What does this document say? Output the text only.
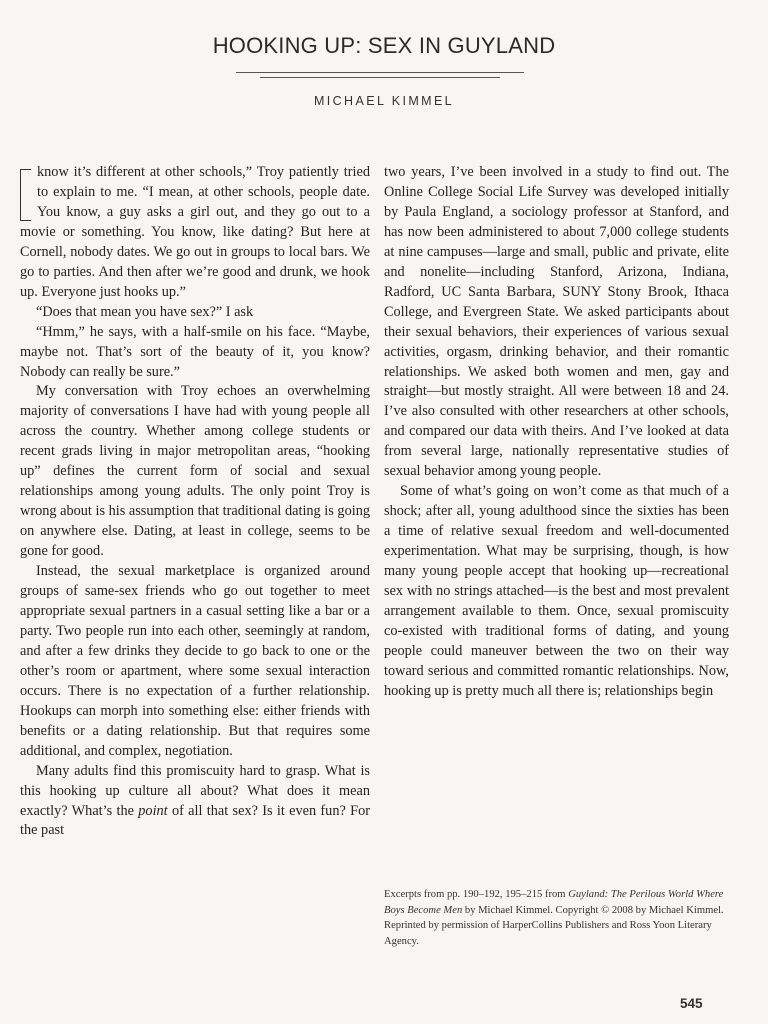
HOOKING UP: SEX IN GUYLAND
MICHAEL KIMMEL

know it’s different at other schools,” Troy patiently tried to explain to me. “I mean, at other schools, people date. You know, a guy asks a girl out, and they go out to a movie or something. You know, like dating? But here at Cornell, nobody dates. We go out in groups to local bars. We go to parties. And then after we’re good and drunk, we hook up. Everyone just hooks up.”

“Does that mean you have sex?” I ask

“Hmm,” he says, with a half-smile on his face. “Maybe, maybe not. That’s sort of the beauty of it, you know? Nobody can really be sure.”

My conversation with Troy echoes an overwhelming majority of conversations I have had with young people all across the country. Whether among college students or recent grads living in major metropolitan areas, “hooking up” defines the current form of social and sexual relationships among young adults. The only point Troy is wrong about is his assumption that traditional dating is going on anywhere else. Dating, at least in college, seems to be gone for good.

Instead, the sexual marketplace is organized around groups of same-sex friends who go out together to meet appropriate sexual partners in a casual setting like a bar or a party. Two people run into each other, seemingly at random, and after a few drinks they decide to go back to one or the other’s room or apartment, where some sexual interaction occurs. There is no expectation of a further relationship. Hookups can morph into something else: either friends with benefits or a dating relationship. But that requires some additional, and complex, negotiation.

Many adults find this promiscuity hard to grasp. What is this hooking up culture all about? What does it mean exactly? What’s the point of all that sex? Is it even fun? For the past

two years, I’ve been involved in a study to find out. The Online College Social Life Survey was developed initially by Paula England, a sociology professor at Stanford, and has now been administered to about 7,000 college students at nine campuses—large and small, public and private, elite and nonelite—including Stanford, Arizona, Indiana, Radford, UC Santa Barbara, SUNY Stony Brook, Ithaca College, and Evergreen State. We asked participants about their sexual behaviors, their experiences of various sexual activities, orgasm, drinking behavior, and their romantic relationships. We asked both women and men, gay and straight—but mostly straight. All were between 18 and 24. I’ve also consulted with other researchers at other schools, and compared our data with theirs. And I’ve looked at data from several large, nationally representative studies of sexual behavior among young people.

Some of what’s going on won’t come as that much of a shock; after all, young adulthood since the sixties has been a time of relative sexual freedom and well-documented experimentation. What may be surprising, though, is how many young people accept that hooking up—recreational sex with no strings attached—is the best and most prevalent arrangement available to them. Once, sexual promiscuity co-existed with traditional forms of dating, and young people could maneuver between the two on their way toward serious and committed romantic relationships. Now, hooking up is pretty much all there is; relationships begin

Excerpts from pp. 190–192, 195–215 from Guyland: The Perilous World Where Boys Become Men by Michael Kimmel. Copyright © 2008 by Michael Kimmel. Reprinted by permission of HarperCollins Publishers and Ross Yoon Literary Agency.
545
